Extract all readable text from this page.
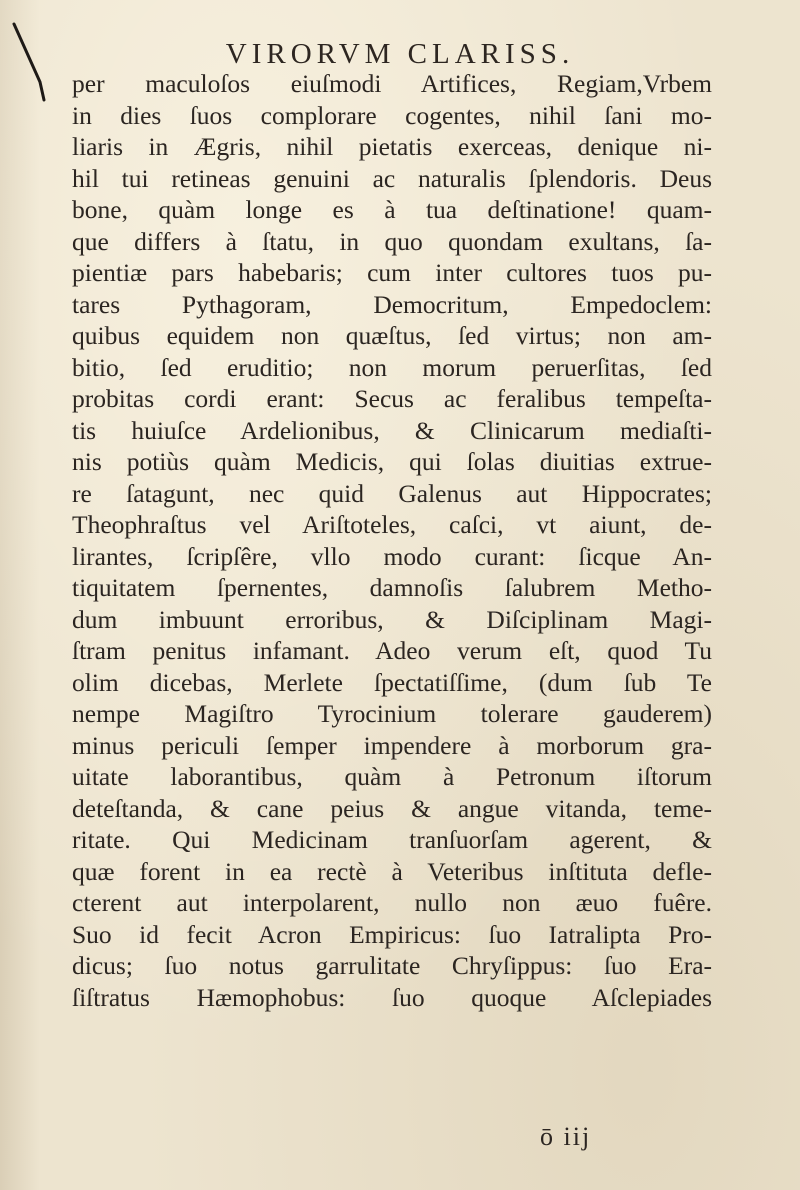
VIRORVM CLARISS.
per maculoſos eiuſmodi Artifices, Regiam,Vrbem
in dies ſuos complorare cogentes, nihil ſani mo-
liaris in Ægris, nihil pietatis exerceas, denique ni-
hil tui retineas genuini ac naturalis ſplendoris. Deus
bone, quàm longe es à tua deſtinatione! quam-
que differs à ſtatu, in quo quondam exultans, ſa-
pientiæ pars habebaris; cum inter cultores tuos pu-
tares Pythagoram, Democritum, Empedoclem:
quibus equidem non quæſtus, ſed virtus; non am-
bitio, ſed eruditio; non morum peruerſitas, ſed
probitas cordi erant: Secus ac feralibus tempeſta-
tis huiuſce Ardelionibus, & Clinicarum mediaſti-
nis potiùs quàm Medicis, qui ſolas diuitias extrue-
re ſatagunt, nec quid Galenus aut Hippocrates;
Theophraſtus vel Ariſtoteles, caſci, vt aiunt, de-
lirantes, ſcripſêre, vllo modo curant: ſicque An-
tiquitatem ſpernentes, damnoſis ſalubrem Metho-
dum imbuunt erroribus, & Diſciplinam Magi-
ſtram penitus infamant. Adeo verum eſt, quod Tu
olim dicebas, Merlete ſpectatiſſime, (dum ſub Te
nempe Magiſtro Tyrocinium tolerare gauderem)
minus periculi ſemper impendere à morborum gra-
uitate laborantibus, quàm à Petronum iſtorum
deteſtanda, & cane peius & angue vitanda, teme-
ritate. Qui Medicinam tranſuorſam agerent, &
quæ forent in ea rectè à Veteribus inſtituta defle-
cterent aut interpolarent, nullo non æuo fuêre.
Suo id fecit Acron Empiricus: ſuo Iatralipta Pro-
dicus; ſuo notus garrulitate Chryſippus: ſuo Era-
ſiſtratus Hæmophobus: ſuo quoque Aſclepiades
ō iij
